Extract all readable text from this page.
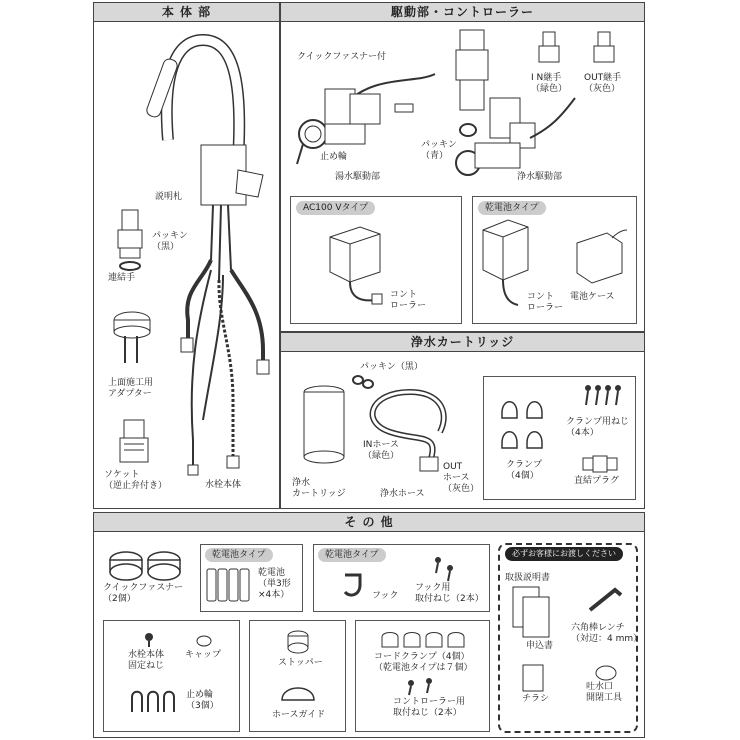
本 体 部
説明札
パッキン
（黒）
連結手
上面施工用
アダプター
ソケット
（逆止弁付き）	水栓本体
駆動部・コントローラー
クイックファスナー付
止め輪
湯水駆動部
パッキン
（青）
浄水駆動部
I N継手
（緑色）
OUT継手
（灰色）
AC100 Vタイプ
コント
ローラー
乾電池タイプ
コント
ローラー
電池ケース
浄水カートリッジ
パッキン（黒）
浄水
カートリッジ
INホース
（緑色）
OUT
ホース
（灰色）
浄水ホース
クランプ用ねじ
（4本）
クランプ
（4個）	直結プラグ
そ の 他
クイックファスナー
（2個）
乾電池タイプ
乾電池
（単3形
×4本）
乾電池タイプ
フック
フック用
取付ねじ（2本）
必ずお客様にお渡しください
取扱説明書
申込書
六角棒レンチ
（対辺：4 mm）
チラシ
吐水口
開閉工具
水栓本体
固定ねじ
キャップ
止め輪
（3個）
ストッパー
ホースガイド
コードクランプ（4個）
（乾電池タイプは７個）
コントローラー用
取付ねじ（2本）
